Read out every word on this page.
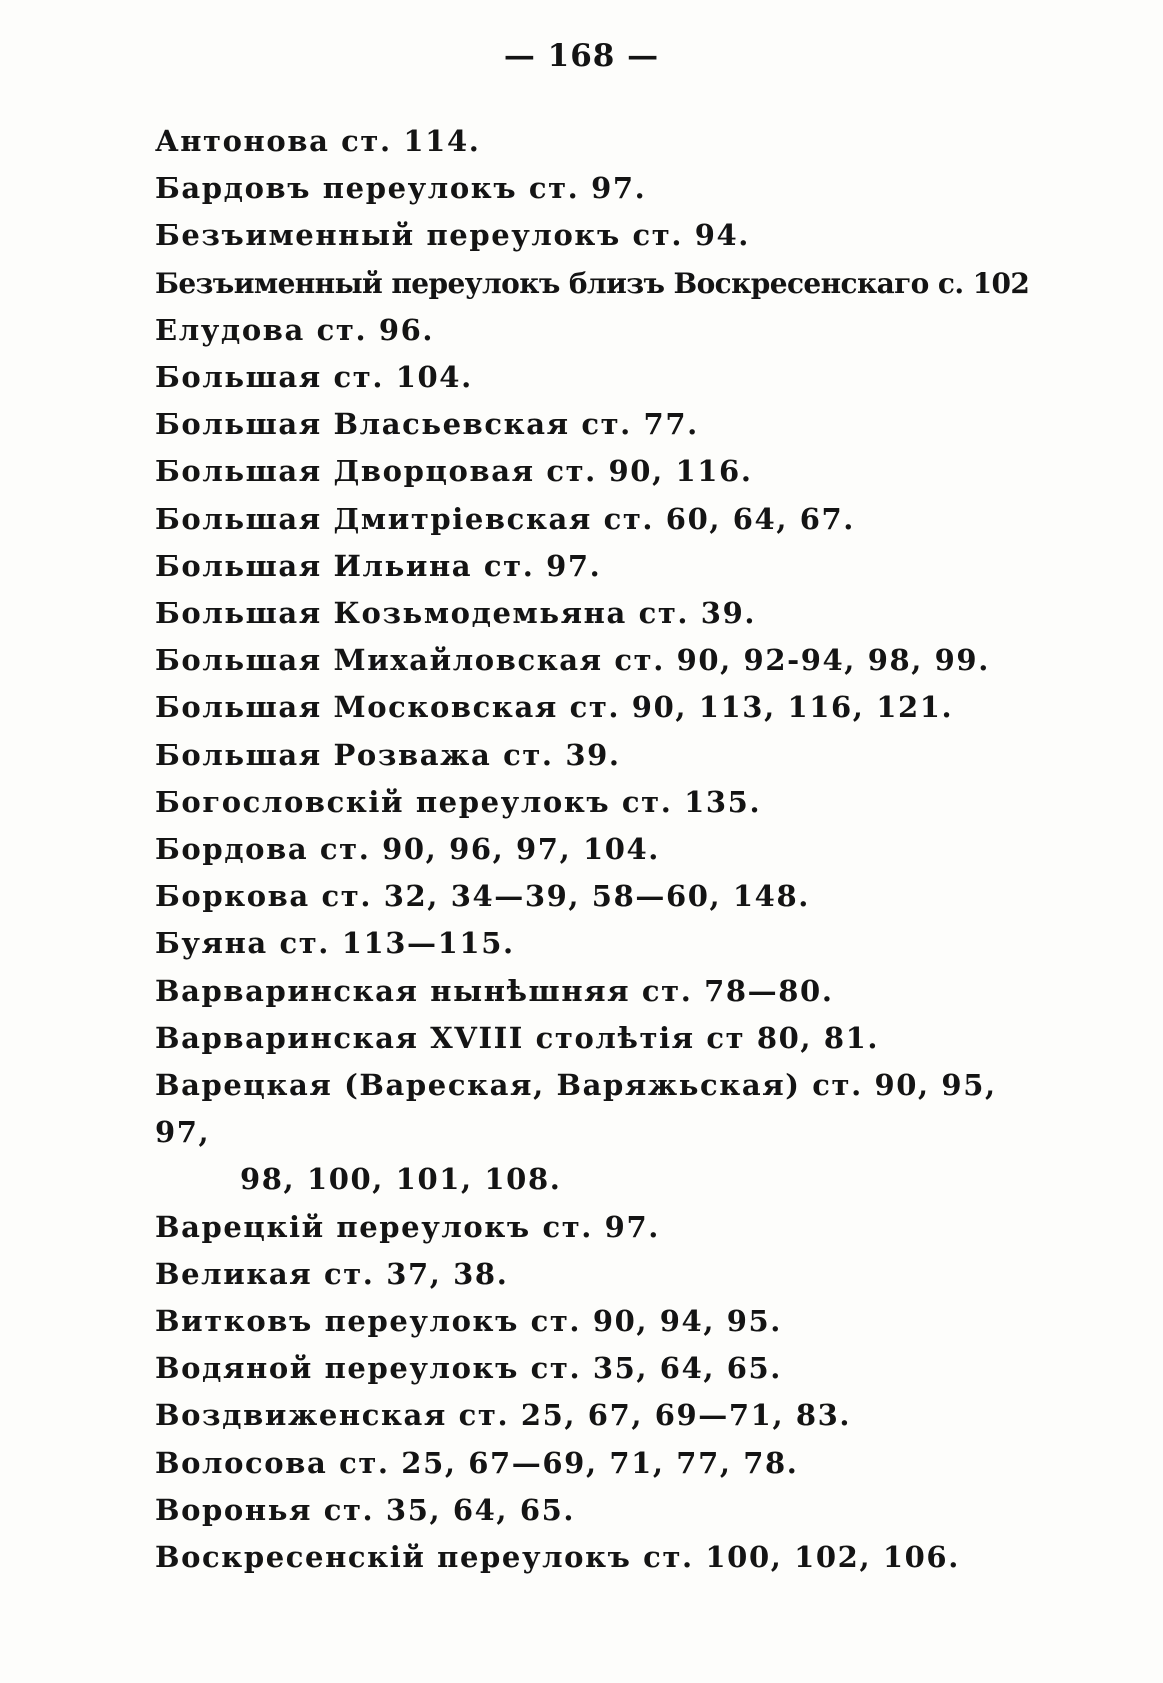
— 168 —
Антонова ст. 114.
Бардовъ переулокъ ст. 97.
Безъименный переулокъ ст. 94.
Безъименный переулокъ близъ Воскресенскаго с. 102
Елудова ст. 96.
Большая ст. 104.
Большая Власьевская ст. 77.
Большая Дворцовая ст. 90, 116.
Большая Дмитріевская ст. 60, 64, 67.
Большая Ильина ст. 97.
Большая Козьмодемьяна ст. 39.
Большая Михайловская ст. 90, 92-94, 98, 99.
Большая Московская ст. 90, 113, 116, 121.
Большая Розважа ст. 39.
Богословскій переулокъ ст. 135.
Бордова ст. 90, 96, 97, 104.
Боркова ст. 32, 34—39, 58—60, 148.
Буяна ст. 113—115.
Варваринская нынѣшняя ст. 78—80.
Варваринская XVIII столѣтія ст 80, 81.
Варецкая (Вареская, Варяжьская) ст. 90, 95, 97,
98, 100, 101, 108.
Варецкій переулокъ ст. 97.
Великая ст. 37, 38.
Витковъ переулокъ ст. 90, 94, 95.
Водяной переулокъ ст. 35, 64, 65.
Воздвиженская ст. 25, 67, 69—71, 83.
Волосова ст. 25, 67—69, 71, 77, 78.
Воронья ст. 35, 64, 65.
Воскресенскій переулокъ ст. 100, 102, 106.
